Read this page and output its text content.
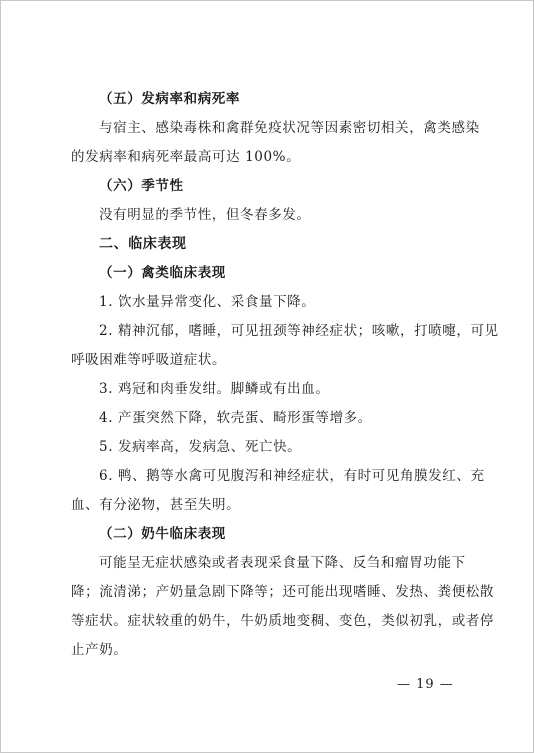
（五）发病率和病死率
与宿主、感染毒株和禽群免疫状况等因素密切相关，禽类感染
的发病率和病死率最高可达 100%。
（六）季节性
没有明显的季节性，但冬春多发。
二、临床表现
（一）禽类临床表现
1. 饮水量异常变化、采食量下降。
2. 精神沉郁，嗜睡，可见扭颈等神经症状；咳嗽，打喷嚏，可见
呼吸困难等呼吸道症状。
3. 鸡冠和肉垂发绀。脚鳞或有出血。
4. 产蛋突然下降，软壳蛋、畸形蛋等增多。
5. 发病率高，发病急、死亡快。
6. 鸭、鹅等水禽可见腹泻和神经症状，有时可见角膜发红、充
血、有分泌物，甚至失明。
（二）奶牛临床表现
可能呈无症状感染或者表现采食量下降、反刍和瘤胃功能下
降；流清涕；产奶量急剧下降等；还可能出现嗜睡、发热、粪便松散
等症状。症状较重的奶牛，牛奶质地变稠、变色，类似初乳，或者停
止产奶。
— 19 —
